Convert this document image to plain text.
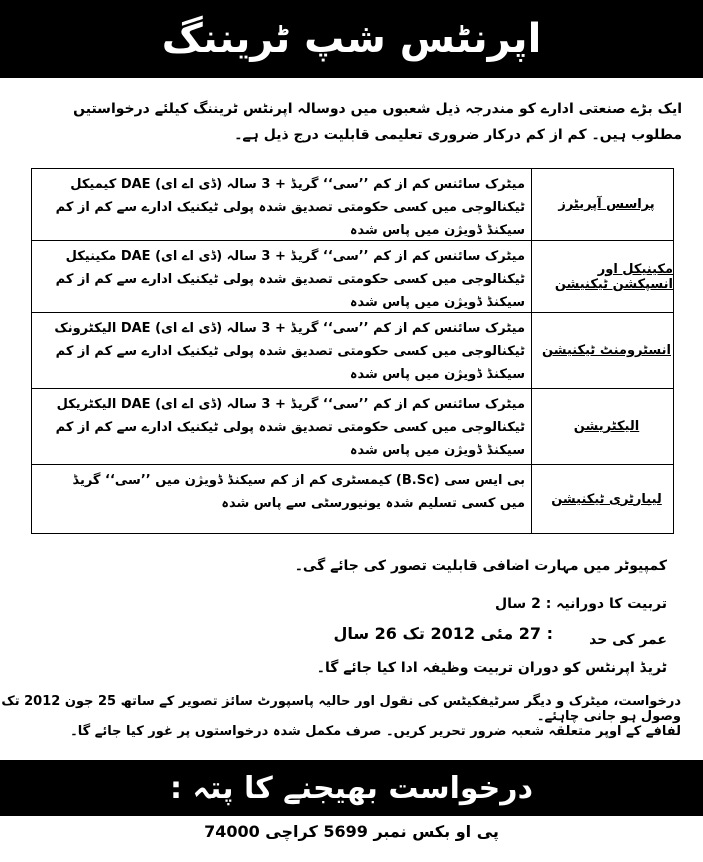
اپرنٹس شپ ٹریننگ
ایک بڑے صنعتی ادارے کو مندرجہ ذیل شعبوں میں دوسالہ اپرنٹس ٹریننگ کیلئے درخواستیں مطلوب ہیں۔ کم از کم درکار ضروری تعلیمی قابلیت درج ذیل ہے۔
میٹرک سائنس کم از کم ’’سی‘‘ گریڈ + 3 سالہ (ڈی اے ای) DAE کیمیکل ٹیکنالوجی میں کسی حکومتی تصدیق شدہ پولی ٹیکنیک ادارے سے کم از کم سیکنڈ ڈویژن میں پاس شدہ
پراسس آپریٹرز
میٹرک سائنس کم از کم ’’سی‘‘ گریڈ + 3 سالہ (ڈی اے ای) DAE مکینیکل ٹیکنالوجی میں کسی حکومتی تصدیق شدہ پولی ٹیکنیک ادارے سے کم از کم سیکنڈ ڈویژن میں پاس شدہ
مکینیکل اور انسپکشن ٹیکنیشن
میٹرک سائنس کم از کم ’’سی‘‘ گریڈ + 3 سالہ (ڈی اے ای) DAE الیکٹرونک ٹیکنالوجی میں کسی حکومتی تصدیق شدہ پولی ٹیکنیک ادارے سے کم از کم سیکنڈ ڈویژن میں پاس شدہ
انسٹرومنٹ ٹیکنیشن
میٹرک سائنس کم از کم ’’سی‘‘ گریڈ + 3 سالہ (ڈی اے ای) DAE الیکٹریکل ٹیکنالوجی میں کسی حکومتی تصدیق شدہ پولی ٹیکنیک ادارے سے کم از کم سیکنڈ ڈویژن میں پاس شدہ
الیکٹریشن
بی ایس سی (B.Sc) کیمسٹری کم از کم سیکنڈ ڈویژن میں ’’سی‘‘ گریڈ میں کسی تسلیم شدہ یونیورسٹی سے پاس شدہ	لیبارٹری ٹیکنیشن
کمپیوٹر میں مہارت اضافی قابلیت تصور کی جائے گی۔
تربیت کا دورانیہ : 2 سال
عمر کی حد
: 27 مئی 2012 تک 26 سال
ٹریڈ اپرنٹس کو دوران تربیت وظیفہ ادا کیا جائے گا۔
درخواست، میٹرک و دیگر سرٹیفکیٹس کی نقول اور حالیہ پاسپورٹ سائز تصویر کے ساتھ 25 جون 2012 تک وصول ہو جانی چاہئے۔
لفافے کے اوپر متعلقہ شعبہ ضرور تحریر کریں۔ صرف مکمل شدہ درخواستوں پر غور کیا جائے گا۔
درخواست بھیجنے کا پتہ :
پی او بکس نمبر 5699 کراچی 74000
